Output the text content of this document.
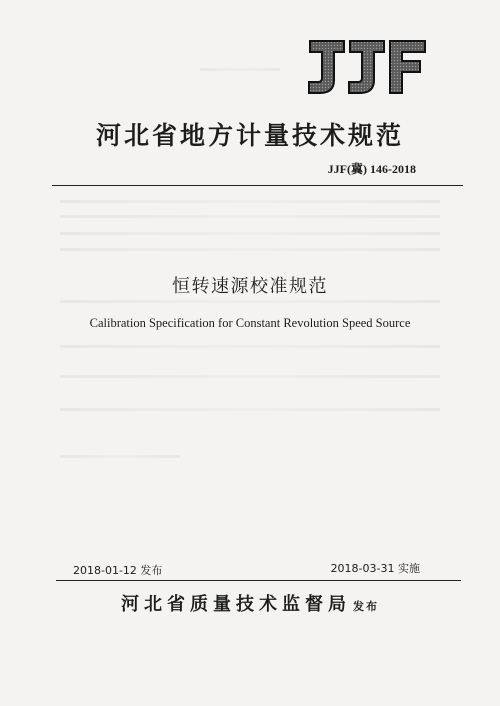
河北省地方计量技术规范
JJF(冀) 146-2018
恒转速源校准规范
Calibration Specification for Constant Revolution Speed Source
2018-01-12 发布	2018-03-31 实施
河北省质量技术监督局 发布
